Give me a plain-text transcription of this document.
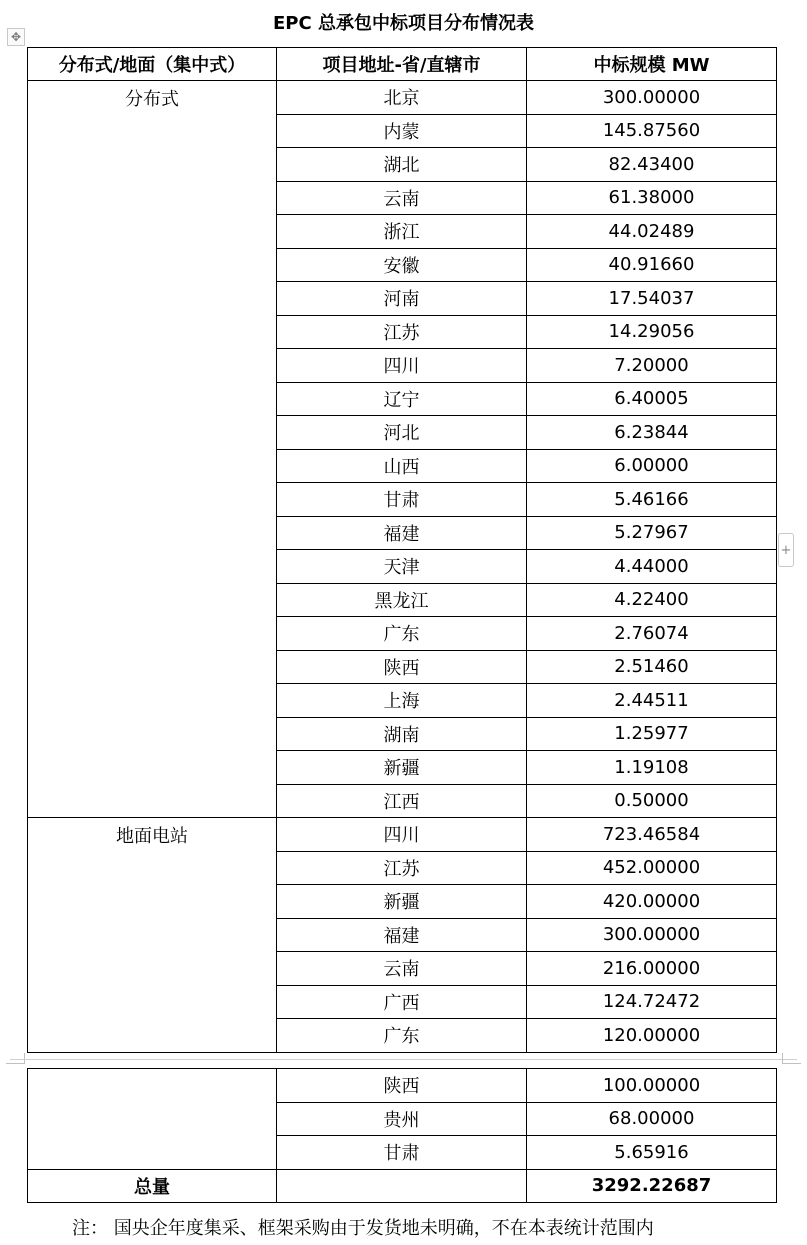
EPC 总承包中标项目分布情况表
✥
+
分布式/地面（集中式）	项目地址-省/直辖市	中标规模 MW
分布式	北京	300.00000
	内蒙	145.87560
	湖北	82.43400
	云南	61.38000
	浙江	44.02489
	安徽	40.91660
	河南	17.54037
	江苏	14.29056
	四川	7.20000
	辽宁	6.40005
	河北	6.23844
	山西	6.00000
	甘肃	5.46166
	福建	5.27967
	天津	4.44000
	黑龙江	4.22400
	广东	2.76074
	陕西	2.51460
	上海	2.44511
	湖南	1.25977
	新疆	1.19108
	江西	0.50000
地面电站	四川	723.46584
	江苏	452.00000
	新疆	420.00000
	福建	300.00000
	云南	216.00000
	广西	124.72472
	广东	120.00000
	陕西	100.00000
	贵州	68.00000
	甘肃	5.65916
总量		3292.22687
注： 国央企年度集采、框架采购由于发货地未明确，不在本表统计范围内
